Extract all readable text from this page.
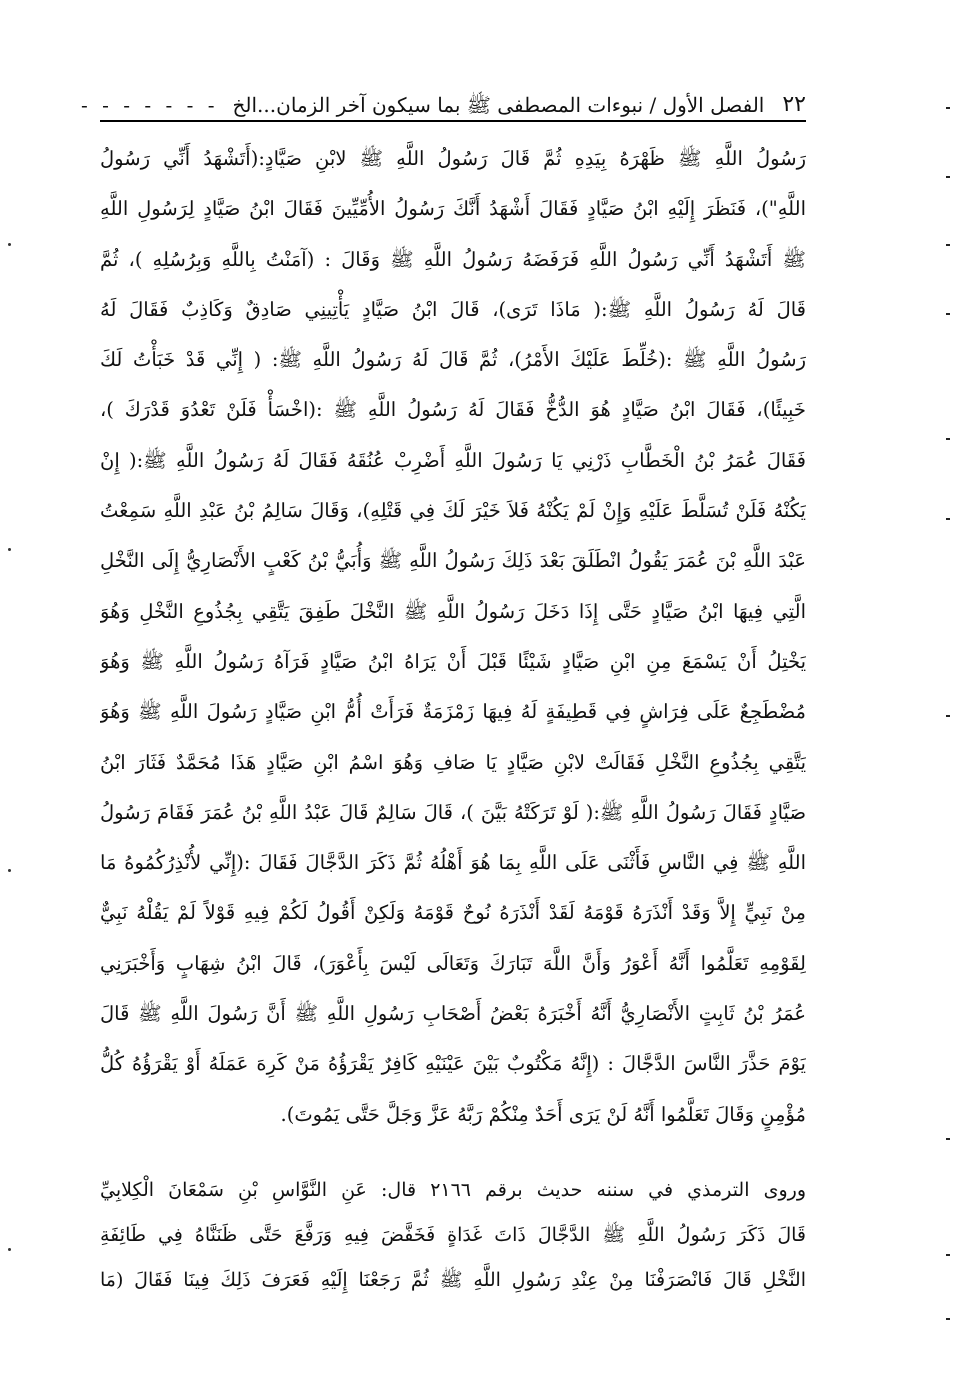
٢٢
الفصل الأول / نبوءات المصطفى ﷺ بما سيكون آخر الزمان...الخ
- - - - - - -
رَسُولُ اللَّهِ ﷺ ظَهْرَهُ بِيَدِهِ ثُمَّ قَالَ رَسُولُ اللَّهِ ﷺ لابْنِ صَيَّادٍ:(أَتَشْهَدُ أَنِّي رَسُولُ
اللَّهِ")، فَنَظَرَ إِلَيْهِ ابْنُ صَيَّادٍ فَقَالَ أَشْهَدُ أَنَّكَ رَسُولُ الأُمِّيِّينَ فَقَالَ ابْنُ صَيَّادٍ لِرَسُولِ اللَّهِ
ﷺ أَتَشْهَدُ أَنِّي رَسُولُ اللَّهِ فَرَفَضَهُ رَسُولُ اللَّهِ ﷺ وَقَالَ : (آمَنْتُ بِاللَّهِ وَبِرُسُلِهِ )، ثُمَّ
قَالَ لَهُ رَسُولُ اللَّهِ ﷺ:( مَاذَا تَرَى)، قَالَ ابْنُ صَيَّادٍ يَأْتِينِي صَادِقٌ وَكَاذِبٌ فَقَالَ لَهُ
رَسُولُ اللَّهِ ﷺ :(خُلِّطَ عَلَيْكَ الأَمْرُ)، ثُمَّ قَالَ لَهُ رَسُولُ اللَّهِ ﷺ: ( إِنِّي قَدْ خَبَأْتُ لَكَ
خَبِيئًا)، فَقَالَ ابْنُ صَيَّادٍ هُوَ الدُّخُّ فَقَالَ لَهُ رَسُولُ اللَّهِ ﷺ :(اخْسَأْ فَلَنْ تَعْدُوَ قَدْرَكَ )،
فَقَالَ عُمَرُ بْنُ الْخَطَّابِ ذَرْنِي يَا رَسُولَ اللَّهِ أَضْرِبْ عُنُقَهُ فَقَالَ لَهُ رَسُولُ اللَّهِ ﷺ:( إِنْ
يَكُنْهُ فَلَنْ تُسَلَّطَ عَلَيْهِ وَإِنْ لَمْ يَكُنْهُ فَلاَ خَيْرَ لَكَ فِي قَتْلِهِ)، وَقَالَ سَالِمُ بْنُ عَبْدِ اللَّهِ سَمِعْتُ
عَبْدَ اللَّهِ بْنَ عُمَرَ يَقُولُ انْطَلَقَ بَعْدَ ذَلِكَ رَسُولُ اللَّهِ ﷺ وَأُبَيُّ بْنُ كَعْبٍ الأَنْصَارِيُّ إِلَى النَّخْلِ
الَّتِي فِيهَا ابْنُ صَيَّادٍ حَتَّى إِذَا دَخَلَ رَسُولُ اللَّهِ ﷺ النَّخْلَ طَفِقَ يَتَّقِي بِجُذُوعِ النَّخْلِ وَهُوَ
يَخْتِلُ أَنْ يَسْمَعَ مِنِ ابْنِ صَيَّادٍ شَيْئًا قَبْلَ أَنْ يَرَاهُ ابْنُ صَيَّادٍ فَرَآهُ رَسُولُ اللَّهِ ﷺ وَهُوَ
مُضْطَجِعٌ عَلَى فِرَاشٍ فِي قَطِيفَةٍ لَهُ فِيهَا زَمْزَمَةٌ فَرَأَتْ أُمُّ ابْنِ صَيَّادٍ رَسُولَ اللَّهِ ﷺ وَهُوَ
يَتَّقِي بِجُذُوعِ النَّخْلِ فَقَالَتْ لابْنِ صَيَّادٍ يَا صَافِ وَهُوَ اسْمُ ابْنِ صَيَّادٍ هَذَا مُحَمَّدٌ فَثَارَ ابْنُ
صَيَّادٍ فَقَالَ رَسُولُ اللَّهِ ﷺ:( لَوْ تَرَكَتْهُ بَيَّنَ )، قَالَ سَالِمٌ قَالَ عَبْدُ اللَّهِ بْنُ عُمَرَ فَقَامَ رَسُولُ
اللَّهِ ﷺ فِي النَّاسِ فَأَثْنَى عَلَى اللَّهِ بِمَا هُوَ أَهْلُهُ ثُمَّ ذَكَرَ الدَّجَّالَ فَقَالَ :(إِنِّي لأُنْذِرُكُمُوهُ مَا
مِنْ نَبِيٍّ إِلاَّ وَقَدْ أَنْذَرَهُ قَوْمَهُ لَقَدْ أَنْذَرَهُ نُوحٌ قَوْمَهُ وَلَكِنْ أَقُولُ لَكُمْ فِيهِ قَوْلاً لَمْ يَقُلْهُ نَبِيٌّ
لِقَوْمِهِ تَعَلَّمُوا أَنَّهُ أَعْوَرُ وَأَنَّ اللَّهَ تَبَارَكَ وَتَعَالَى لَيْسَ بِأَعْوَرَ)، قَالَ ابْنُ شِهَابٍ وَأَخْبَرَنِي
عُمَرُ بْنُ ثَابِتٍ الأَنْصَارِيُّ أَنَّهُ أَخْبَرَهُ بَعْضُ أَصْحَابِ رَسُولِ اللَّهِ ﷺ أَنَّ رَسُولَ اللَّهِ ﷺ قَالَ
يَوْمَ حَذَّرَ النَّاسَ الدَّجَّالَ : (إِنَّهُ مَكْتُوبٌ بَيْنَ عَيْنَيْهِ كَافِرٌ يَقْرَؤُهُ مَنْ كَرِهَ عَمَلَهُ أَوْ يَقْرَؤُهُ كُلُّ
مُؤْمِنٍ وَقَالَ تَعَلَّمُوا أَنَّهُ لَنْ يَرَى أَحَدٌ مِنْكُمْ رَبَّهُ عَزَّ وَجَلَّ حَتَّى يَمُوتَ).
وروى الترمذي في سننه حديث برقم ٢١٦٦ قال: عَنِ النَّوَّاسِ بْنِ سَمْعَانَ الْكِلابِيِّ
قَالَ ذَكَرَ رَسُولُ اللَّهِ ﷺ الدَّجَّالَ ذَاتَ غَدَاةٍ فَخَفَّضَ فِيهِ وَرَفَّعَ حَتَّى ظَنَنَّاهُ فِي طَائِفَةِ
النَّخْلِ قَالَ فَانْصَرَفْنَا مِنْ عِنْدِ رَسُولِ اللَّهِ ﷺ ثُمَّ رَجَعْنَا إِلَيْهِ فَعَرَفَ ذَلِكَ فِينَا فَقَالَ (مَا
